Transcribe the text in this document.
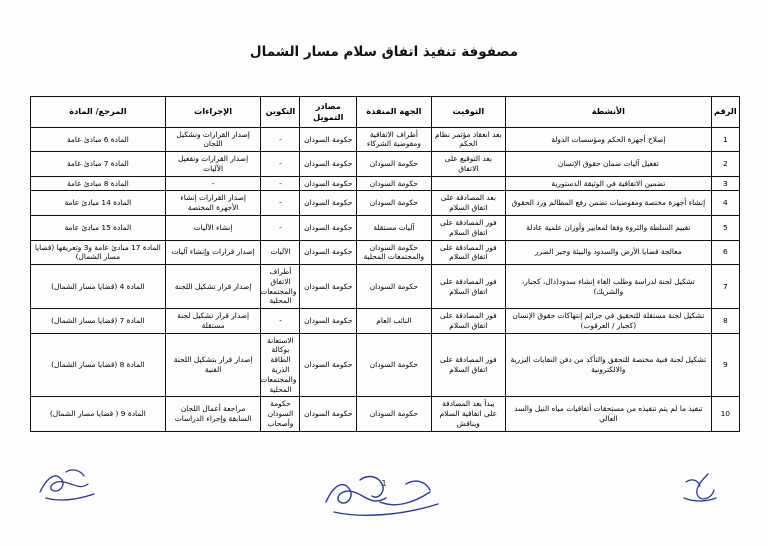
مصفوفة تنفيذ اتفاق سلام مسار الشمال
الرقم	الأنشطة	التوقيت	الجهة المنفذة	مصادر التمويل	التكوين	الإجراءات	المرجع/ المادة
1	إصلاح أجهزة الحكم ومؤسسات الدولة	بعد انعقاد مؤتمر نظام الحكم	أطراف الاتفاقية ومفوضية الشركاء	حكومة السودان	-	إصدار القرارات وتشكيل اللجان	المادة 6 مبادئ عامة
2	تفعيل آليات ضمان حقوق الإنسان	بعد التوقيع على الاتفاق	حكومة السودان	حكومة السودان	-	إصدار القرارات وتفعيل الآليات	المادة 7 مبادئ عامة
3	تضمين الاتفاقية في الوثيقة الدستورية		حكومة السودان	حكومة السودان	-	-	المادة 8 مبادئ عامة
4	إنشاء أجهزة مختصة ومفوضيات تضمن رفع المظالم ورد الحقوق	بعد المصادقة على اتفاق السلام	حكومة السودان	حكومة السودان	-	إصدار القرارات إنشاء الأجهزة المختصة	المادة 14 مبادئ عامة
5	تقييم السلطة والثروة وفقا لمعايير وأوزان علمية عادلة	فور المصادقة على اتفاق السلام	آليات مستقلة	حكومة السودان	-	إنشاء الآليات	المادة 15 مبادئ عامة
6	معالجة قضايا الأرض والسدود والبيئة وجبر الضرر	فور المصادقة على اتفاق السلام	حكومة السودان والمجتمعات المحلية	حكومة السودان	الآليات	إصدار قرارات وإنشاء آليات	المادة 17 مبادئ عامة و3 وتعريفها (قضايا مسار الشمال)
7	تشكيل لجنة لدراسة وطلب الغاء إنشاء سدود(دال، كجبار، والشريك)	فور المصادقة على اتفاق السلام	حكومة السودان	حكومة السودان	أطراف الاتفاق والمجتمعات المحلية	إصدار قرار تشكيل اللجنة	المادة 4 (قضايا مسار الشمال)
8	تشكيل لجنة مستقلة للتحقيق في جرائم إنتهاكات حقوق الإنسان (كجبار / العرقوب)	فور المصادقة على اتفاق السلام	النائب العام	حكومة السودان	-	إصدار قرار تشكيل لجنة مستقلة	المادة 7 (قضايا مسار الشمال)
9	تشكيل لجنة فنية مختصة للتحقق والتأكد من دفن النفايات النزرية والالكترونية	فور المصادقة على اتفاق السلام	حكومة السودان	حكومة السودان	الاستعانة بوكالة الطاقة الذرية والمجتمعات المحلية	إصدار قرار بتشكيل اللجنة الفنية	المادة 8 (قضايا مسار الشمال)
10	تنفيذ ما لم يتم تنفيذه من مستحقات أتفاقيات مياه النيل والسد العالي	يبدأ بعد المصادقة على اتفاقية السلام ويناقش	حكومة السودان	حكومة السودان	حكومة السودان وأصحاب	مراجعة أعمال اللجان السابقة وإجراء الدراسات	المادة 9 ( قضايا مسار الشمال)
1
